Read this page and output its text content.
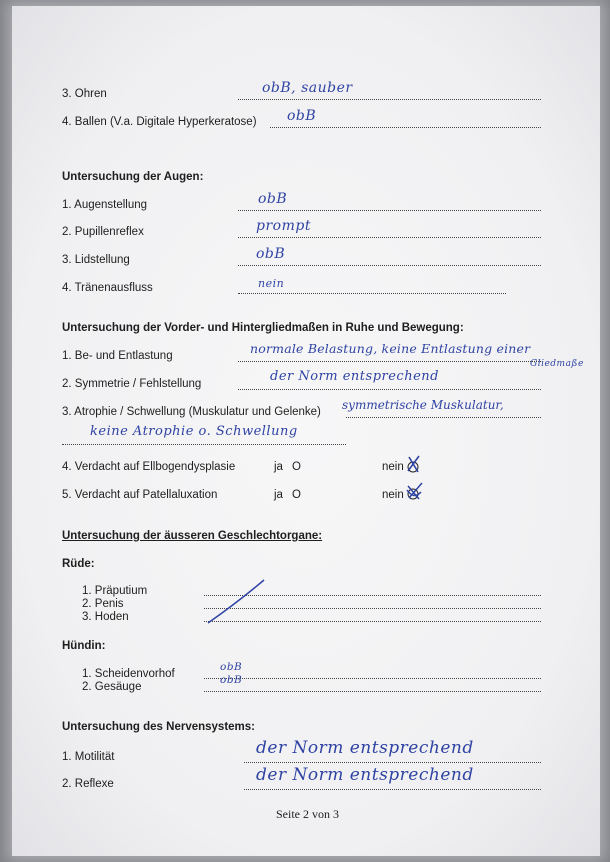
3. Ohren	obB, sauber
4. Ballen (V.a. Digitale Hyperkeratose) obB
Untersuchung der Augen:
1. Augenstellung	obB
2. Pupillenreflex	prompt
3. Lidstellung	obB
4. Tränenausfluss	nein
Untersuchung der Vorder- und Hintergliedmaßen in Ruhe und Bewegung:
1. Be- und Entlastung	normale Belastung, keine Entlastung einer
Gliedmaße
2. Symmetrie / Fehlstellung	der Norm entsprechend
3. Atrophie / Schwellung (Muskulatur und Gelenke) symmetrische Muskulatur,
keine Atrophie o. Schwellung
4. Verdacht auf Ellbogendysplasie	ja O	nein
5. Verdacht auf Patellaluxation	ja O	nein
Untersuchung der äusseren Geschlechtorgane:
Rüde:
1. Präputium
2. Penis
3. Hoden
Hündin:
1. Scheidenvorhof
obB
2. Gesäuge
obB
Untersuchung des Nervensystems:
1. Motilität	der Norm entsprechend
2. Reflexe	der Norm entsprechend
Seite 2 von 3
